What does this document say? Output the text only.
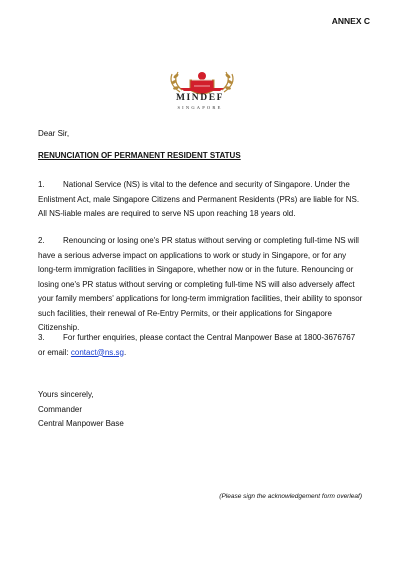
ANNEX C
MINDEF
SINGAPORE
Dear Sir,
RENUNCIATION OF PERMANENT RESIDENT STATUS
1. National Service (NS) is vital to the defence and security of Singapore. Under the Enlistment Act, male Singapore Citizens and Permanent Residents (PRs) are liable for NS. All NS-liable males are required to serve NS upon reaching 18 years old.
2. Renouncing or losing one's PR status without serving or completing full-time NS will have a serious adverse impact on applications to work or study in Singapore, or for any long-term immigration facilities in Singapore, whether now or in the future. Renouncing or losing one's PR status without serving or completing full-time NS will also adversely affect your family members' applications for long-term immigration facilities, their ability to sponsor such facilities, their renewal of Re-Entry Permits, or their applications for Singapore Citizenship.
3. For further enquiries, please contact the Central Manpower Base at 1800-3676767 or email: contact@ns.sg.
Yours sincerely,
Commander
Central Manpower Base
(Please sign the acknowledgement form overleaf)
